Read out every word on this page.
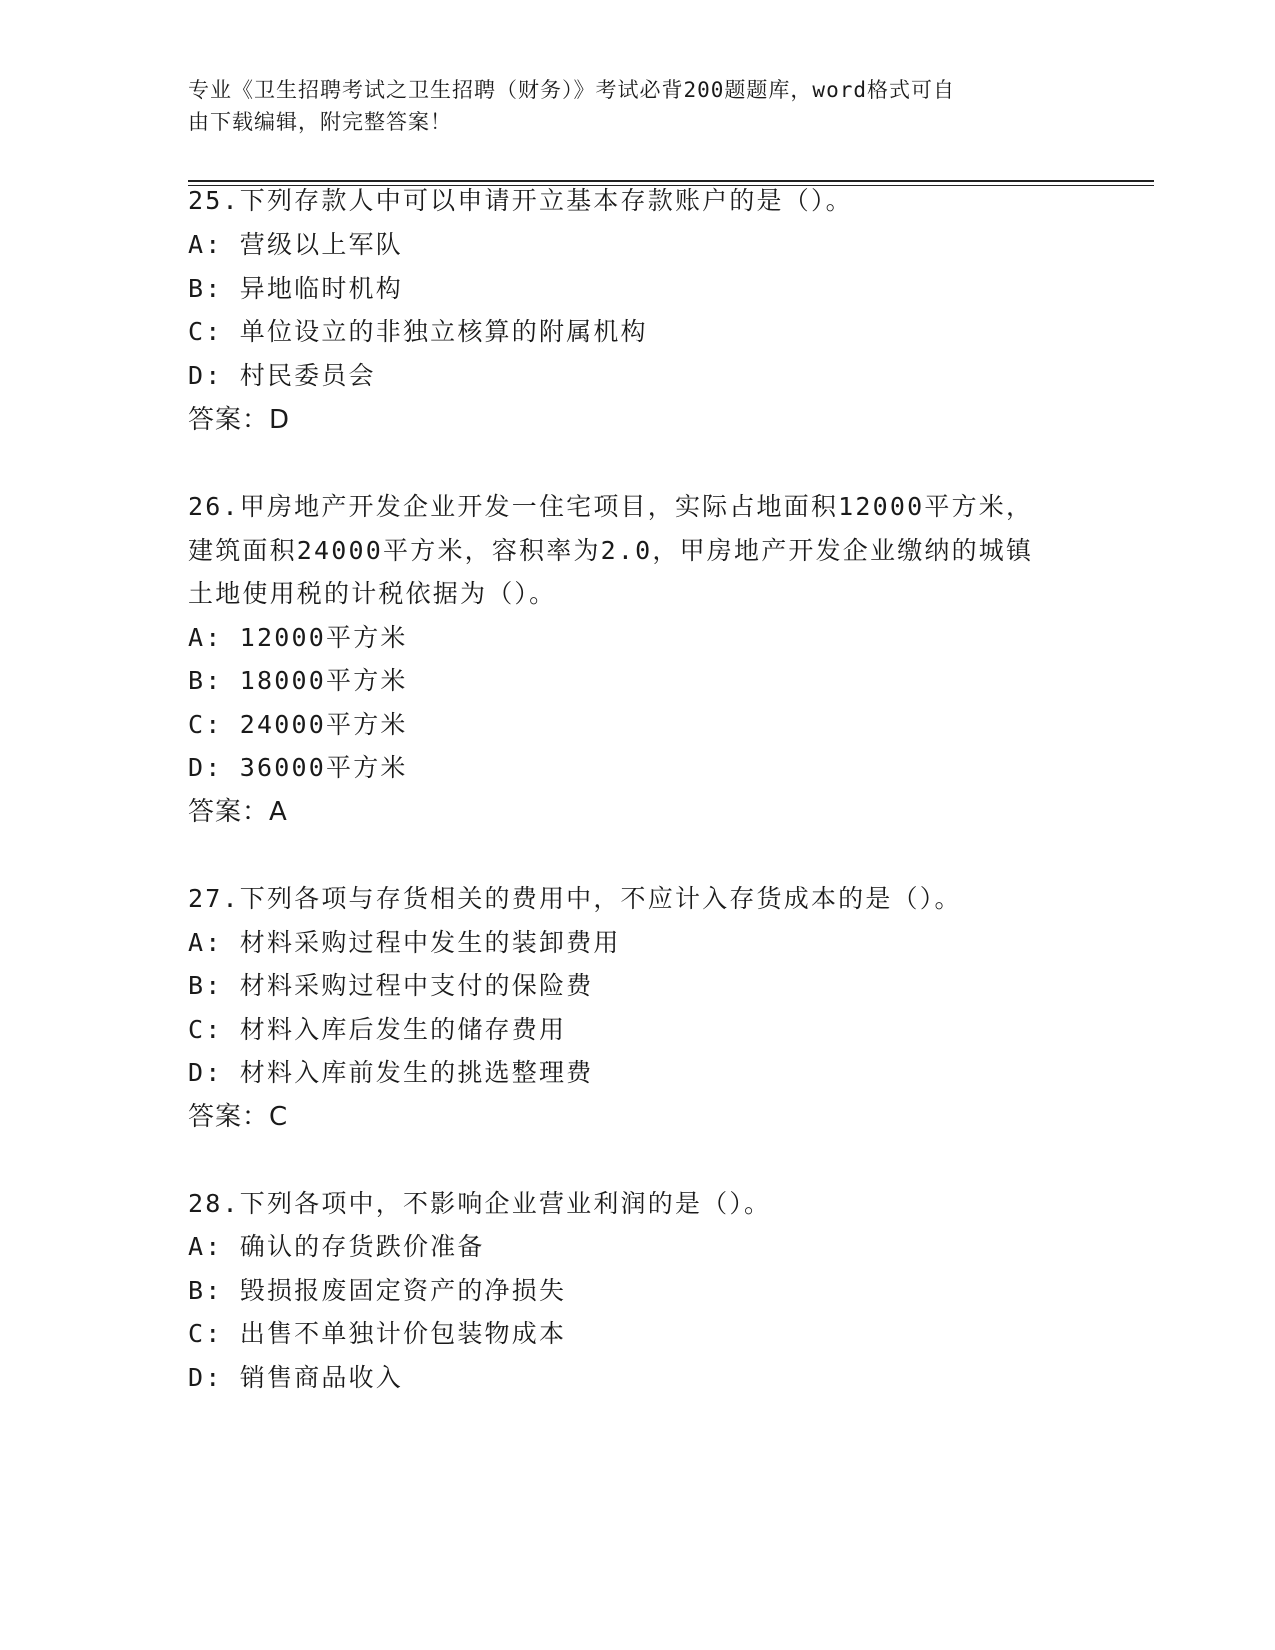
专业《卫生招聘考试之卫生招聘（财务）》考试必背200题题库，word格式可自
由下载编辑，附完整答案！
25.下列存款人中可以申请开立基本存款账户的是（）。
A: 营级以上军队
B: 异地临时机构
C: 单位设立的非独立核算的附属机构
D: 村民委员会
答案：D
26.甲房地产开发企业开发一住宅项目，实际占地面积12000平方米，
建筑面积24000平方米，容积率为2.0，甲房地产开发企业缴纳的城镇
土地使用税的计税依据为（）。
A: 12000平方米
B: 18000平方米
C: 24000平方米
D: 36000平方米
答案：A
27.下列各项与存货相关的费用中，不应计入存货成本的是（）。
A: 材料采购过程中发生的装卸费用
B: 材料采购过程中支付的保险费
C: 材料入库后发生的储存费用
D: 材料入库前发生的挑选整理费
答案：C
28.下列各项中，不影响企业营业利润的是（）。
A: 确认的存货跌价准备
B: 毁损报废固定资产的净损失
C: 出售不单独计价包装物成本
D: 销售商品收入
